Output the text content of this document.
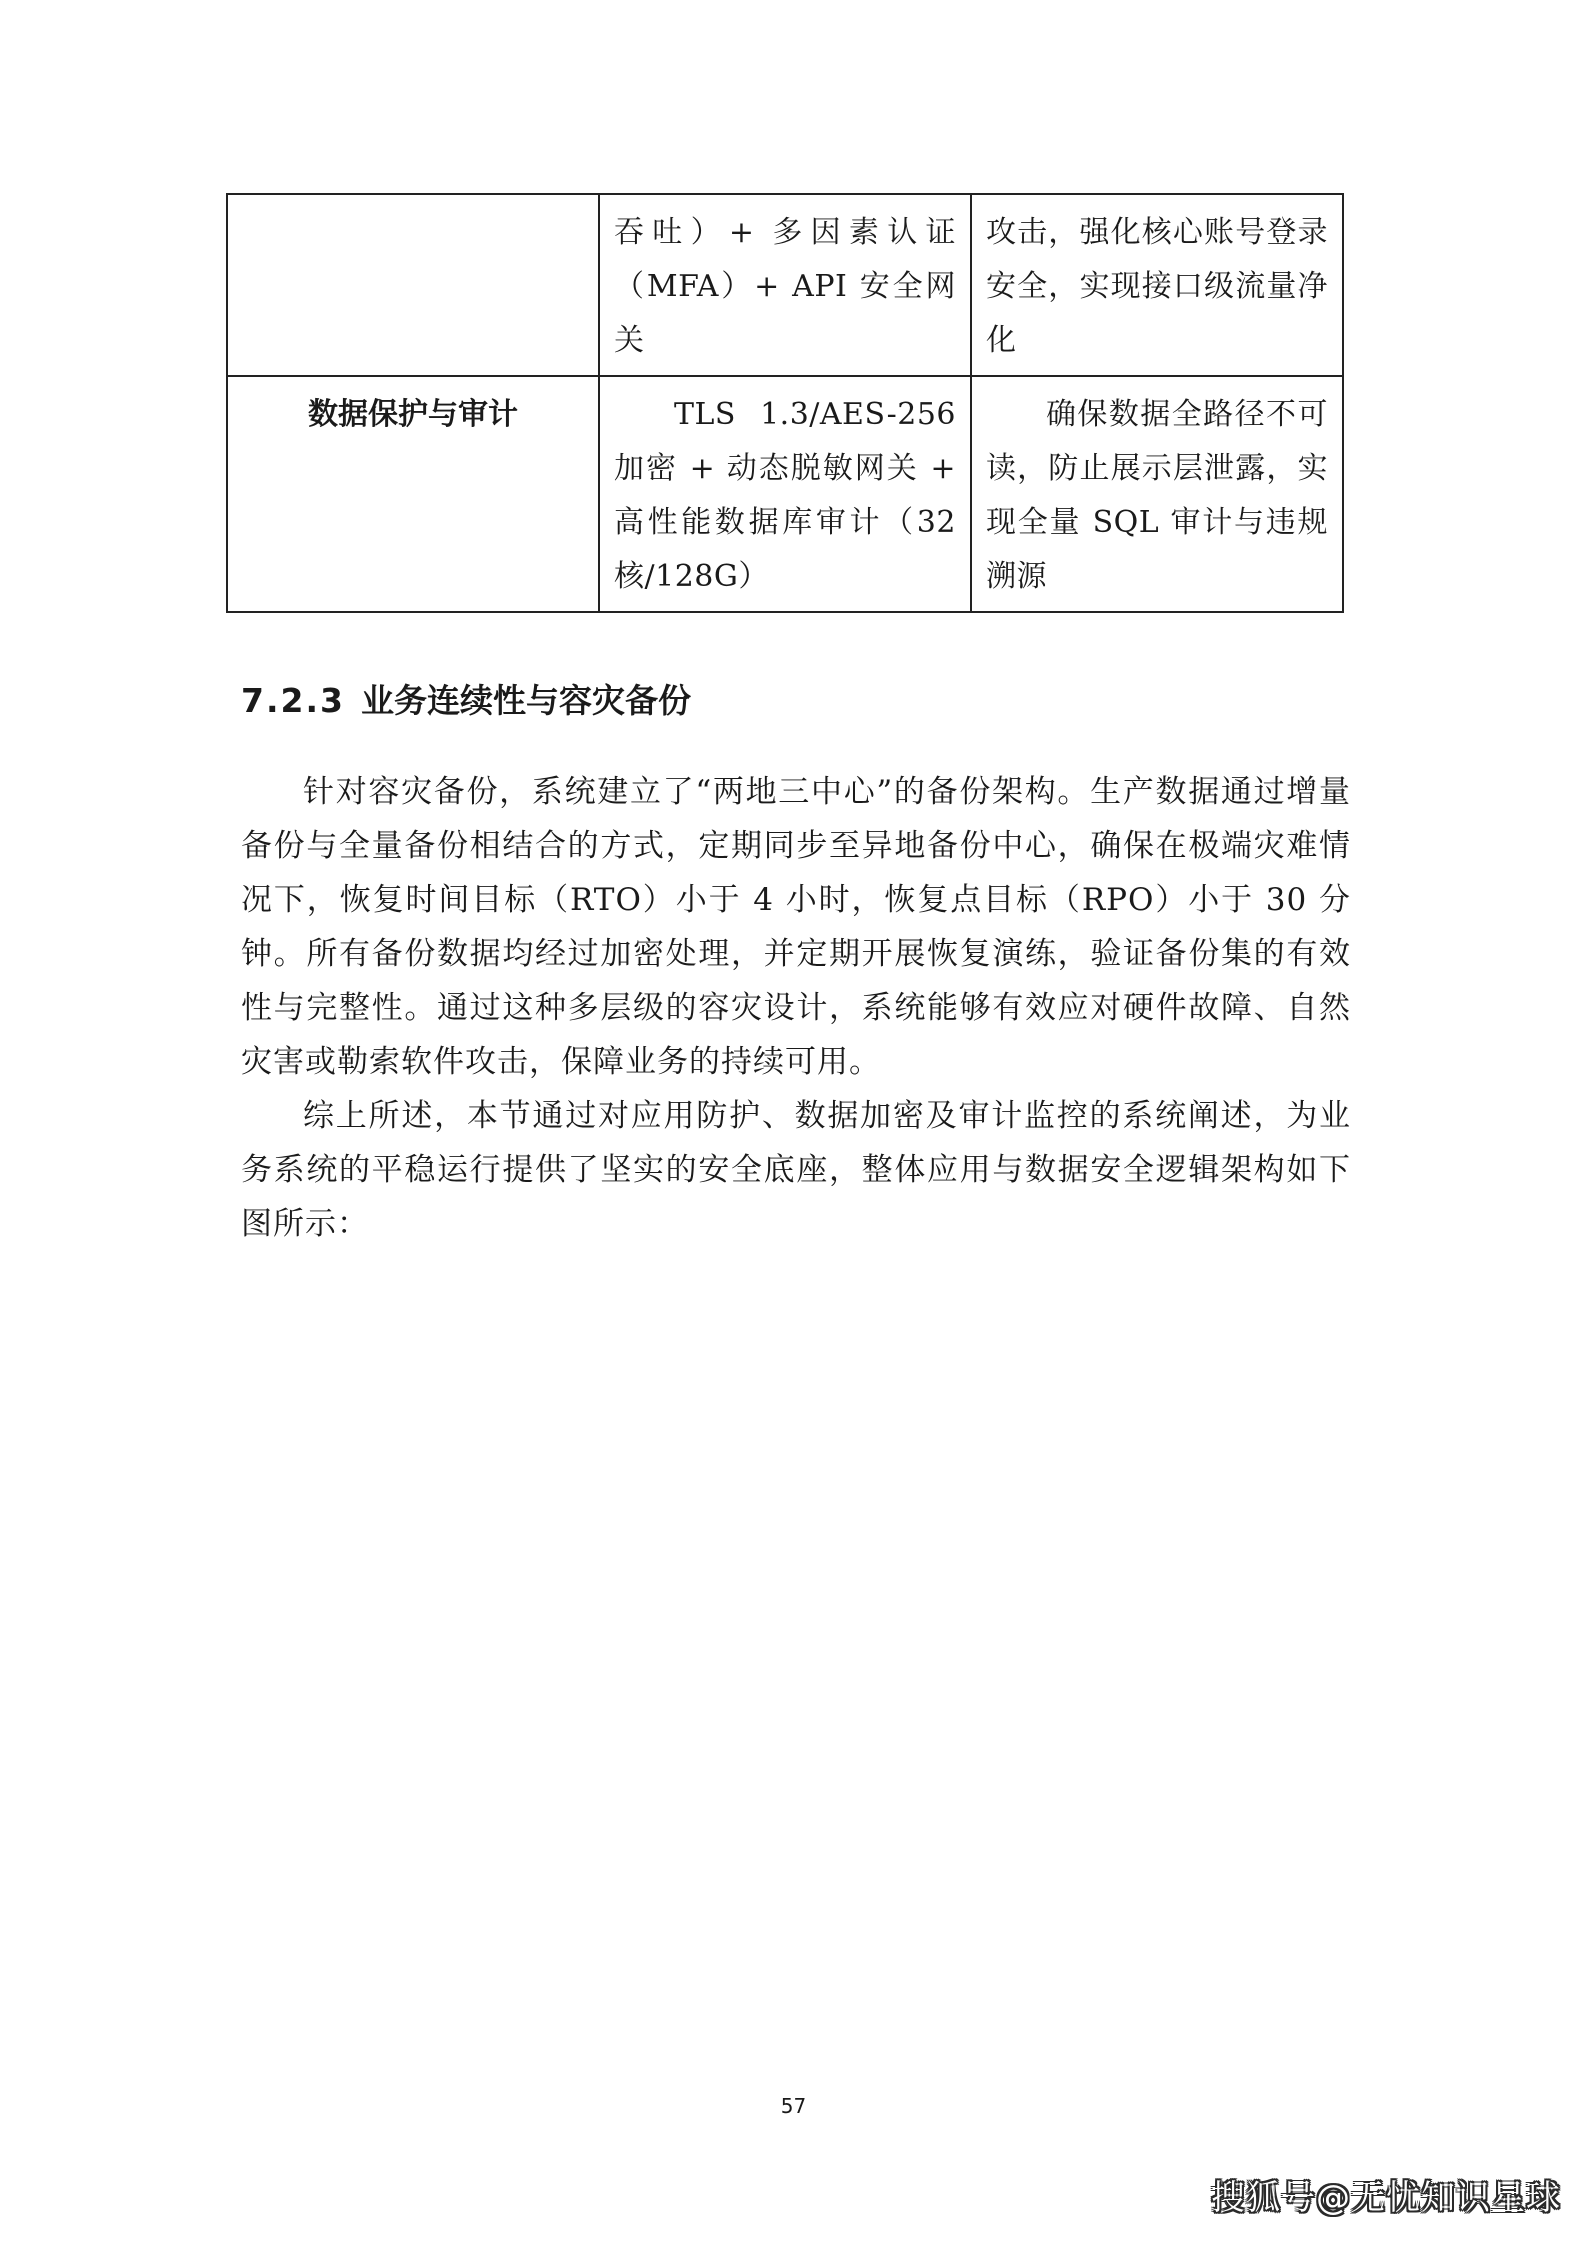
	吞吐）+ 多因素认证（MFA）+ API 安全网关	攻击，强化核心账号登录安全，实现接口级流量净化

数据保护与审计	TLS 1.3/AES-256 加密 + 动态脱敏网关 + 高性能数据库审计（32 核/128G）	确保数据全路径不可读，防止展示层泄露，实现全量 SQL 审计与违规溯源
7.2.3 业务连续性与容灾备份

针对容灾备份，系统建立了“两地三中心”的备份架构。生产数据通过增量备份与全量备份相结合的方式，定期同步至异地备份中心，确保在极端灾难情况下，恢复时间目标（RTO）小于 4 小时，恢复点目标（RPO）小于 30 分钟。所有备份数据均经过加密处理，并定期开展恢复演练，验证备份集的有效性与完整性。通过这种多层级的容灾设计，系统能够有效应对硬件故障、自然灾害或勒索软件攻击，保障业务的持续可用。

综上所述，本节通过对应用防护、数据加密及审计监控的系统阐述，为业务系统的平稳运行提供了坚实的安全底座，整体应用与数据安全逻辑架构如下图所示：

57
搜狐号@无忧知识星球
